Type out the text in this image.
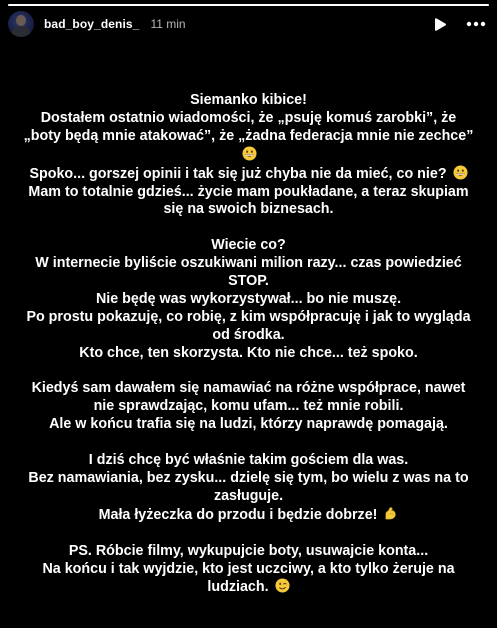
bad_boy_denis_ 11 min

Siemanko kibice!

Dostałem ostatnio wiadomości, że „psuję komuś zarobki”, że „boty będą mnie atakować”, że „żadna federacja mnie nie zechce”

Spoko... gorszej opinii i tak się już chyba nie da mieć, co nie?

Mam to totalnie gdzieś... życie mam poukładane, a teraz skupiam się na swoich biznesach.

Wiecie co?

W internecie byliście oszukiwani milion razy... czas powiedzieć STOP.

Nie będę was wykorzystywał... bo nie muszę.

Po prostu pokazuję, co robię, z kim współpracuję i jak to wygląda od środka.

Kto chce, ten skorzysta. Kto nie chce... też spoko.

Kiedyś sam dawałem się namawiać na różne współprace, nawet nie sprawdzając, komu ufam... też mnie robili.

Ale w końcu trafia się na ludzi, którzy naprawdę pomagają.

I dziś chcę być właśnie takim gościem dla was.

Bez namawiania, bez zysku... dzielę się tym, bo wielu z was na to zasługuje.

Mała łyżeczka do przodu i będzie dobrze!

PS. Róbcie filmy, wykupujcie boty, usuwajcie konta...

Na końcu i tak wyjdzie, kto jest uczciwy, a kto tylko żeruje na ludziach.
